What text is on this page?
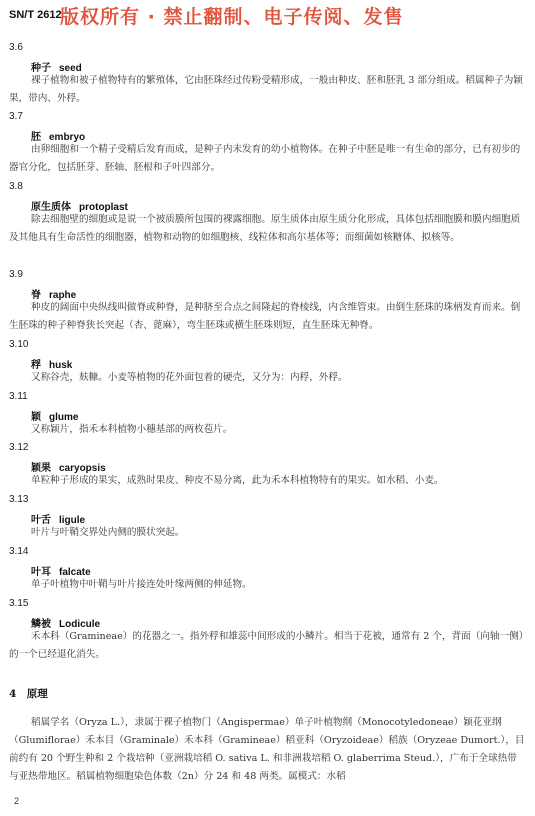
SN/T 2612
版权所有 · 禁止翻制、电子传阅、发售
3.6
种子 seed
裸子植物和被子植物特有的繁殖体，它由胚珠经过传粉受精形成，一般由种皮、胚和胚乳 3 部分组成。稻属种子为颖果，带内、外稃。
3.7
胚 embryo
由卵细胞和一个精子受精后发育而成，是种子内未发育的幼小植物体。在种子中胚是唯一有生命的部分，已有初步的器官分化，包括胚芽、胚轴、胚根和子叶四部分。
3.8
原生质体 protoplast
除去细胞壁的细胞或是说一个被质膜所包围的裸露细胞。原生质体由原生质分化形成，具体包括细胞膜和膜内细胞质及其他具有生命活性的细胞器，植物和动物的如细胞核、线粒体和高尔基体等；而细菌如核糖体、拟核等。
3.9
脊 raphe
种皮的阔面中央纵线叫做脊或种脊，是种脐至合点之间隆起的脊棱线，内含维管束。由倒生胚珠的珠柄发育而来。倒生胚珠的种子种脊狭长突起（杏、蓖麻），弯生胚珠或横生胚珠则短，直生胚珠无种脊。
3.10
稃 husk
又称谷壳，麸糠。小麦等植物的花外面包着的硬壳，又分为：内稃，外稃。
3.11
颖 glume
又称颖片，指禾本科植物小穗基部的两枚苞片。
3.12
颖果 caryopsis
单粒种子形成的果实，成熟时果皮、种皮不易分离，此为禾本科植物特有的果实。如水稻、小麦。
3.13
叶舌 ligule
叶片与叶鞘交界处内侧的膜状突起。
3.14
叶耳 falcate
单子叶植物中叶鞘与叶片接连处叶缘两侧的伸延物。
3.15
鳞被 Lodicule
禾本科（Gramineae）的花器之一。指外稃和雄蕊中间形成的小鳞片。相当于花被，通常有 2 个，背面（向轴一侧）的一个已经退化消失。
4　原理
稻属学名（Oryza L.），隶属于裸子植物门（Angispermae）单子叶植物纲（Monocotyledoneae）颖花亚纲（Glumiflorae）禾本目（Graminale）禾本科（Gramineae）稻亚科（Oryzoideae）稻族（Oryzeae Dumort.），目前约有 20 个野生种和 2 个栽培种（亚洲栽培稻 O. sativa L. 和非洲栽培稻 O. glaberrima Steud.），广布于全球热带与亚热带地区。稻属植物细胞染色体数（2n）分 24 和 48 两类。属模式：水稻
2
